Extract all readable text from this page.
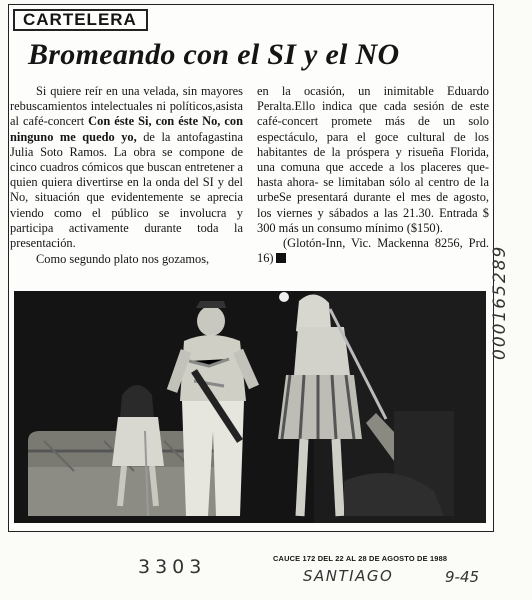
CARTELERA
Bromeando con el SI y el NO

Si quiere reír en una velada, sin mayores rebuscamientos intelectuales ni políticos,asista al café-concert Con éste Si, con éste No, con ninguno me quedo yo, de la antofagastina Julia Soto Ramos. La obra se compone de cinco cuadros cómicos que buscan entretener a quien quiera divertirse en la onda del SI y del No, situación que evidentemente se aprecia viendo como el público se involucra y participa activamente durante toda la presentación.

Como segundo plato nos gozamos,

en la ocasión, un inimitable Eduardo Peralta.Ello indica que cada sesión de este café-concert promete más de un solo espectáculo, para el goce cultural de los habitantes de la próspera y risueña Florida, una comuna que accede a los placeres que-hasta ahora- se limitaban sólo al centro de la urbeSe presentará durante el mes de agosto, los viernes y sábados a las 21.30. Entrada $ 300 más un consumo mínimo ($150).

(Glotón-Inn, Vic. Mackenna 8256, Prd. 16)

CAUCE 172 DEL 22 AL 28 DE AGOSTO DE 1988
3303	SANTIAGO	9-45
000165289
